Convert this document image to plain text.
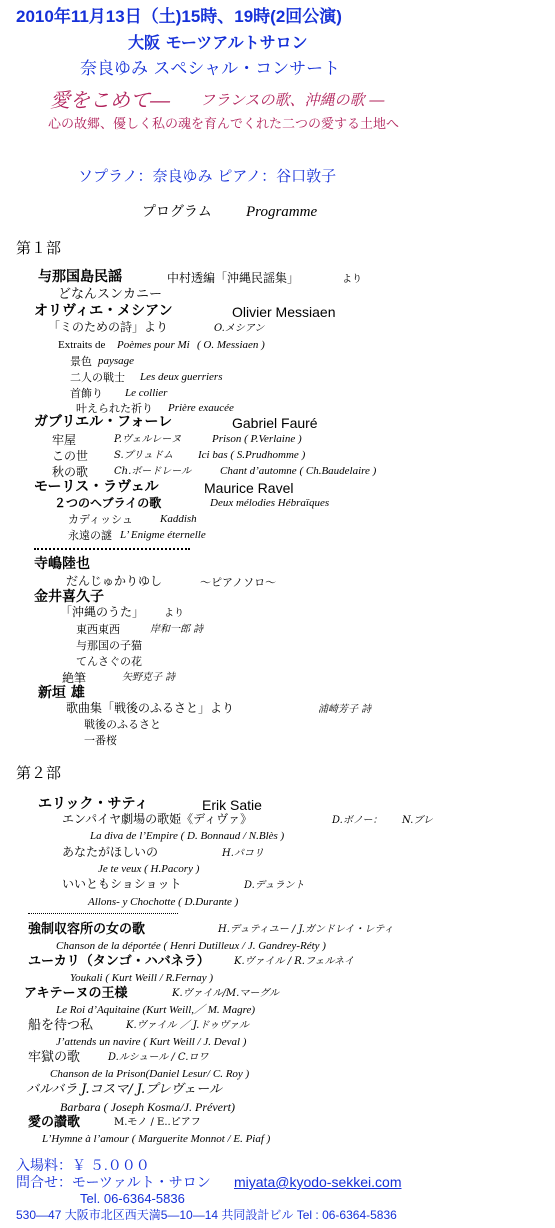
2010年11月13日（土)15時、19時(2回公演)
大阪 モーツアルトサロン
奈良ゆみ スペシャル・コンサート
愛をこめて― フランスの歌、沖縄の歌 ―
心の故郷、優しく私の魂を育んでくれた二つの愛する土地へ
ソプラノ：奈良ゆみ ピアノ：谷口敦子
プログラム Programme
第１部
与那国島民謡	中村透編「沖縄民謡集」	より
どなんスンカニー
オリヴィエ・メシアン	Olivier Messiaen
「ミのための詩」より	O.メシアン
Extraits de Poèmes pour Mi ( O. Messiaen )
景色 paysage
二人の戦士 Les deux guerriers
首飾り Le collier
叶えられた祈り Prière exaucée
ガブリエル・フォーレ	Gabriel Fauré
牢屋	P.ヴェルレーヌ	Prison ( P.Verlaine )
この世	S.プリュドム Ici bas ( S.Prudhomme )
秋の歌	Ch.ボードレール	Chant d’automne ( Ch.Baudelaire )
モーリス・ラヴェル	Maurice Ravel
２つのヘブライの歌	Deux mélodies Hébraïques
カディッシュ Kaddish
永遠の謎 L’ Enigme éternelle
寺嶋陸也
だんじゅかりゆし	～ピアノソロ～
金井喜久子
「沖縄のうた」 より
東西東西	岸和一郎 詩
与那国の子猫
てんさぐの花
絶筆	矢野克子 詩
新垣 雄
歌曲集「戦後のふるさと」より	浦崎芳子 詩
戦後のふるさと
一番桜
第２部
エリック・サティ	Erik Satie
エンパイヤ劇場の歌姫《ディヴァ》	D.ボノー： N.ブレ
La diva de l’Empire ( D. Bonnaud / N.Blès )
あなたがほしいの	H.パコリ
Je te veux ( H.Pacory )
いいともショショット	D.デュラント
Allons- y Chochotte ( D.Durante )
強制収容所の女の歌	H.デュティユー / J.ガンドレイ・レティ
Chanson de la déportée ( Henri Dutilleux / J. Gandrey-Réty )
ユーカリ（タンゴ・ハバネラ） K.ヴァイル / R.フェルネイ
Youkali ( Kurt Weill / R.Fernay )
アキテーヌの王様	K.ヴァイル/M.マーグル
Le Roi d’Aquitaine (Kurt Weill,／ M. Magre)
船を待つ私	K.ヴァイル ／ J.ドゥヴァル
J’attends un navire ( Kurt Weill / J. Deval )
牢獄の歌	D.ルシュール / C.ロワ
Chanson de la Prison(Daniel Lesur/ C. Roy )
バルバラ J.コスマ/ J.プレヴェール
Barbara ( Joseph Kosma/J. Prévert)
愛の讃歌	M.モノ / E..ピアフ
L’Hymne à l’amour ( Marguerite Monnot / E. Piaf )
入場料：￥ ５.０００
問合せ：モーツァルト・サロン miyata@kyodo-sekkei.com
Tel. 06-6364-5836
530―47 大阪市北区西天満5―10―14 共同設計ビル Tel : 06-6364-5836
